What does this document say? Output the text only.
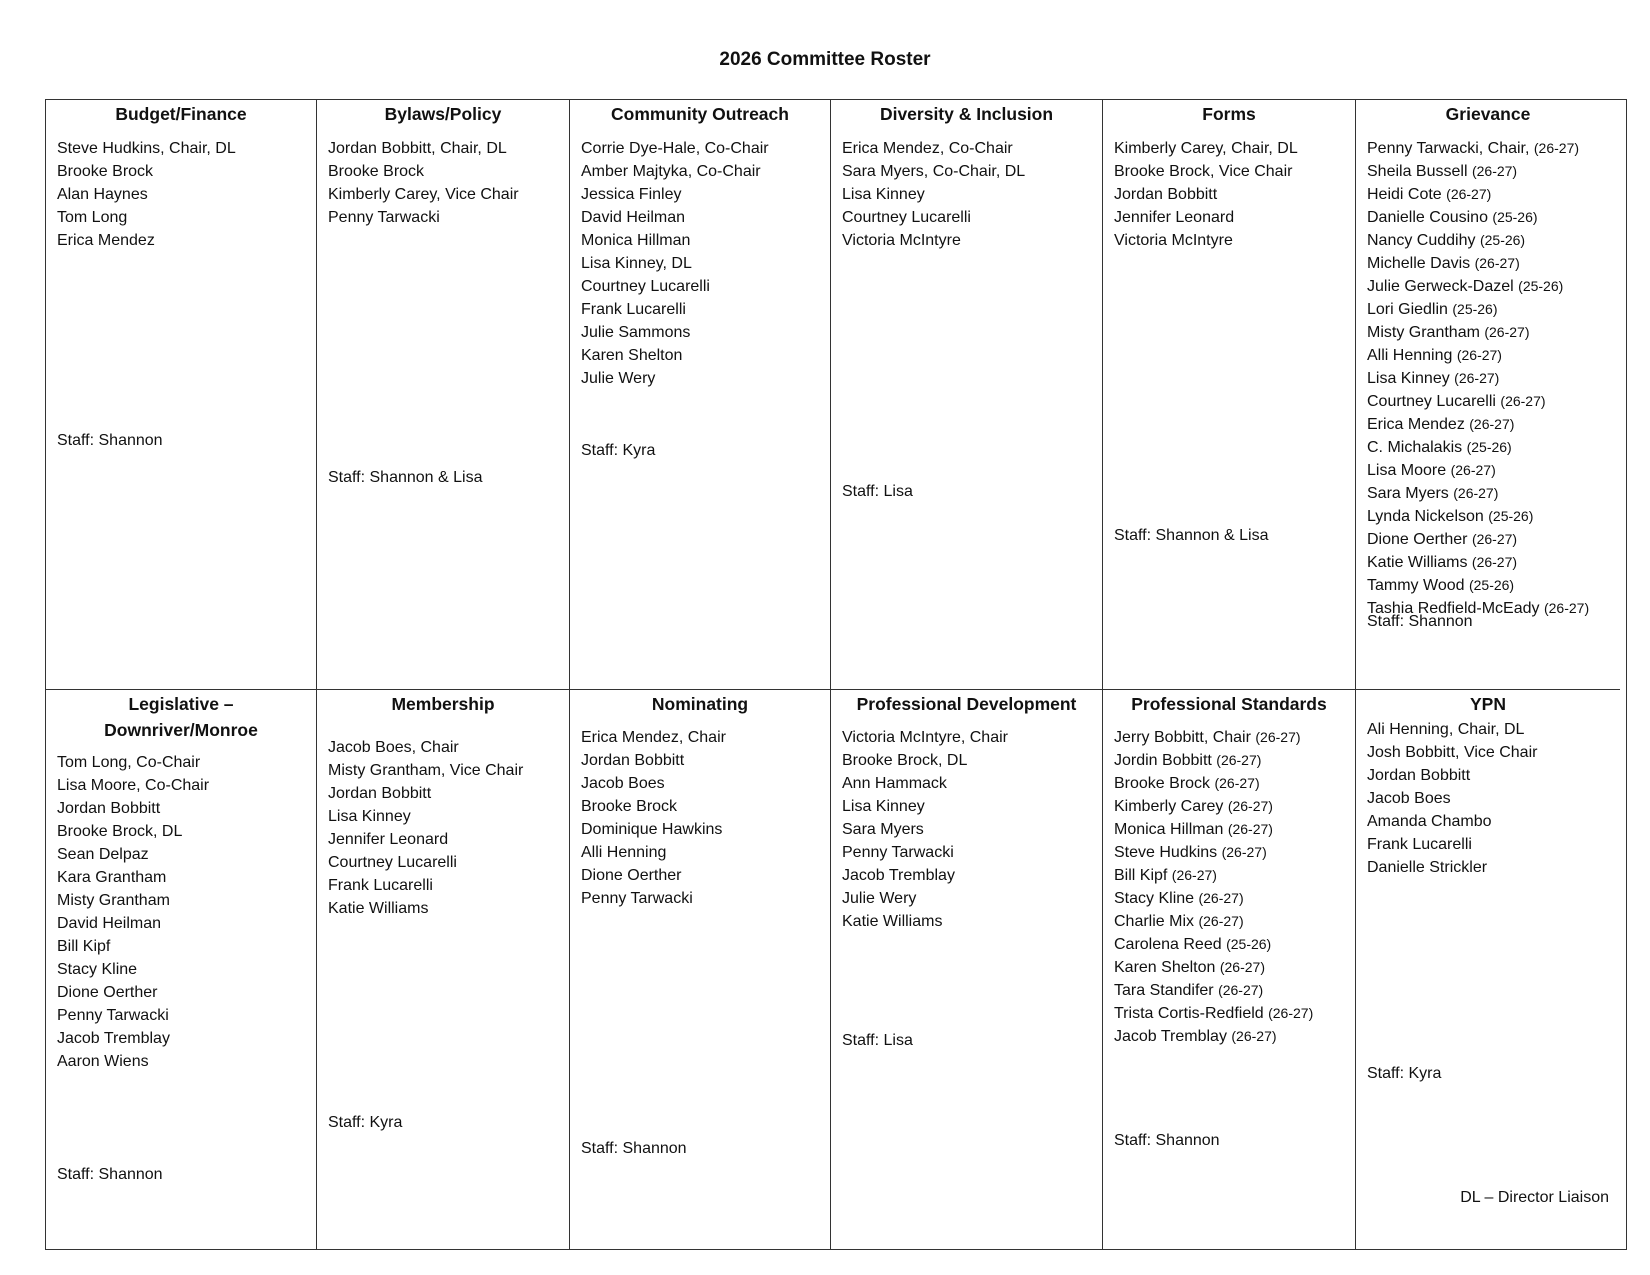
2026 Committee Roster
Budget/Finance
Steve Hudkins, Chair, DL
Brooke Brock
Alan Haynes
Tom Long
Erica Mendez
Staff: Shannon
Bylaws/Policy
Jordan Bobbitt, Chair, DL
Brooke Brock
Kimberly Carey, Vice Chair
Penny Tarwacki
Staff: Shannon & Lisa
Community Outreach
Corrie Dye-Hale, Co-Chair
Amber Majtyka, Co-Chair
Jessica Finley
David Heilman
Monica Hillman
Lisa Kinney, DL
Courtney Lucarelli
Frank Lucarelli
Julie Sammons
Karen Shelton
Julie Wery
Staff: Kyra
Diversity & Inclusion
Erica Mendez, Co-Chair
Sara Myers, Co-Chair, DL
Lisa Kinney
Courtney Lucarelli
Victoria McIntyre
Staff: Lisa
Forms
Kimberly Carey, Chair, DL
Brooke Brock, Vice Chair
Jordan Bobbitt
Jennifer Leonard
Victoria McIntyre
Staff: Shannon & Lisa
Grievance
Penny Tarwacki, Chair, (26-27)
Sheila Bussell (26-27)
Heidi Cote (26-27)
Danielle Cousino (25-26)
Nancy Cuddihy (25-26)
Michelle Davis (26-27)
Julie Gerweck-Dazel (25-26)
Lori Giedlin (25-26)
Misty Grantham (26-27)
Alli Henning (26-27)
Lisa Kinney (26-27)
Courtney Lucarelli (26-27)
Erica Mendez (26-27)
C. Michalakis (25-26)
Lisa Moore (26-27)
Sara Myers (26-27)
Lynda Nickelson (25-26)
Dione Oerther (26-27)
Katie Williams (26-27)
Tammy Wood (25-26)
Tashia Redfield-McEady (26-27)
Staff: Shannon
Legislative –
Downriver/Monroe
Tom Long, Co-Chair
Lisa Moore, Co-Chair
Jordan Bobbitt
Brooke Brock, DL
Sean Delpaz
Kara Grantham
Misty Grantham
David Heilman
Bill Kipf
Stacy Kline
Dione Oerther
Penny Tarwacki
Jacob Tremblay
Aaron Wiens
Staff: Shannon
Membership
Jacob Boes, Chair
Misty Grantham, Vice Chair
Jordan Bobbitt
Lisa Kinney
Jennifer Leonard
Courtney Lucarelli
Frank Lucarelli
Katie Williams
Staff: Kyra
Nominating
Erica Mendez, Chair
Jordan Bobbitt
Jacob Boes
Brooke Brock
Dominique Hawkins
Alli Henning
Dione Oerther
Penny Tarwacki
Staff: Shannon
Professional Development
Victoria McIntyre, Chair
Brooke Brock, DL
Ann Hammack
Lisa Kinney
Sara Myers
Penny Tarwacki
Jacob Tremblay
Julie Wery
Katie Williams
Staff: Lisa
Professional Standards
Jerry Bobbitt, Chair (26-27)
Jordin Bobbitt (26-27)
Brooke Brock (26-27)
Kimberly Carey (26-27)
Monica Hillman (26-27)
Steve Hudkins (26-27)
Bill Kipf (26-27)
Stacy Kline (26-27)
Charlie Mix (26-27)
Carolena Reed (25-26)
Karen Shelton (26-27)
Tara Standifer (26-27)
Trista Cortis-Redfield (26-27)
Jacob Tremblay (26-27)
Staff: Shannon
YPN
Ali Henning, Chair, DL
Josh Bobbitt, Vice Chair
Jordan Bobbitt
Jacob Boes
Amanda Chambo
Frank Lucarelli
Danielle Strickler
Staff: Kyra
DL – Director Liaison
